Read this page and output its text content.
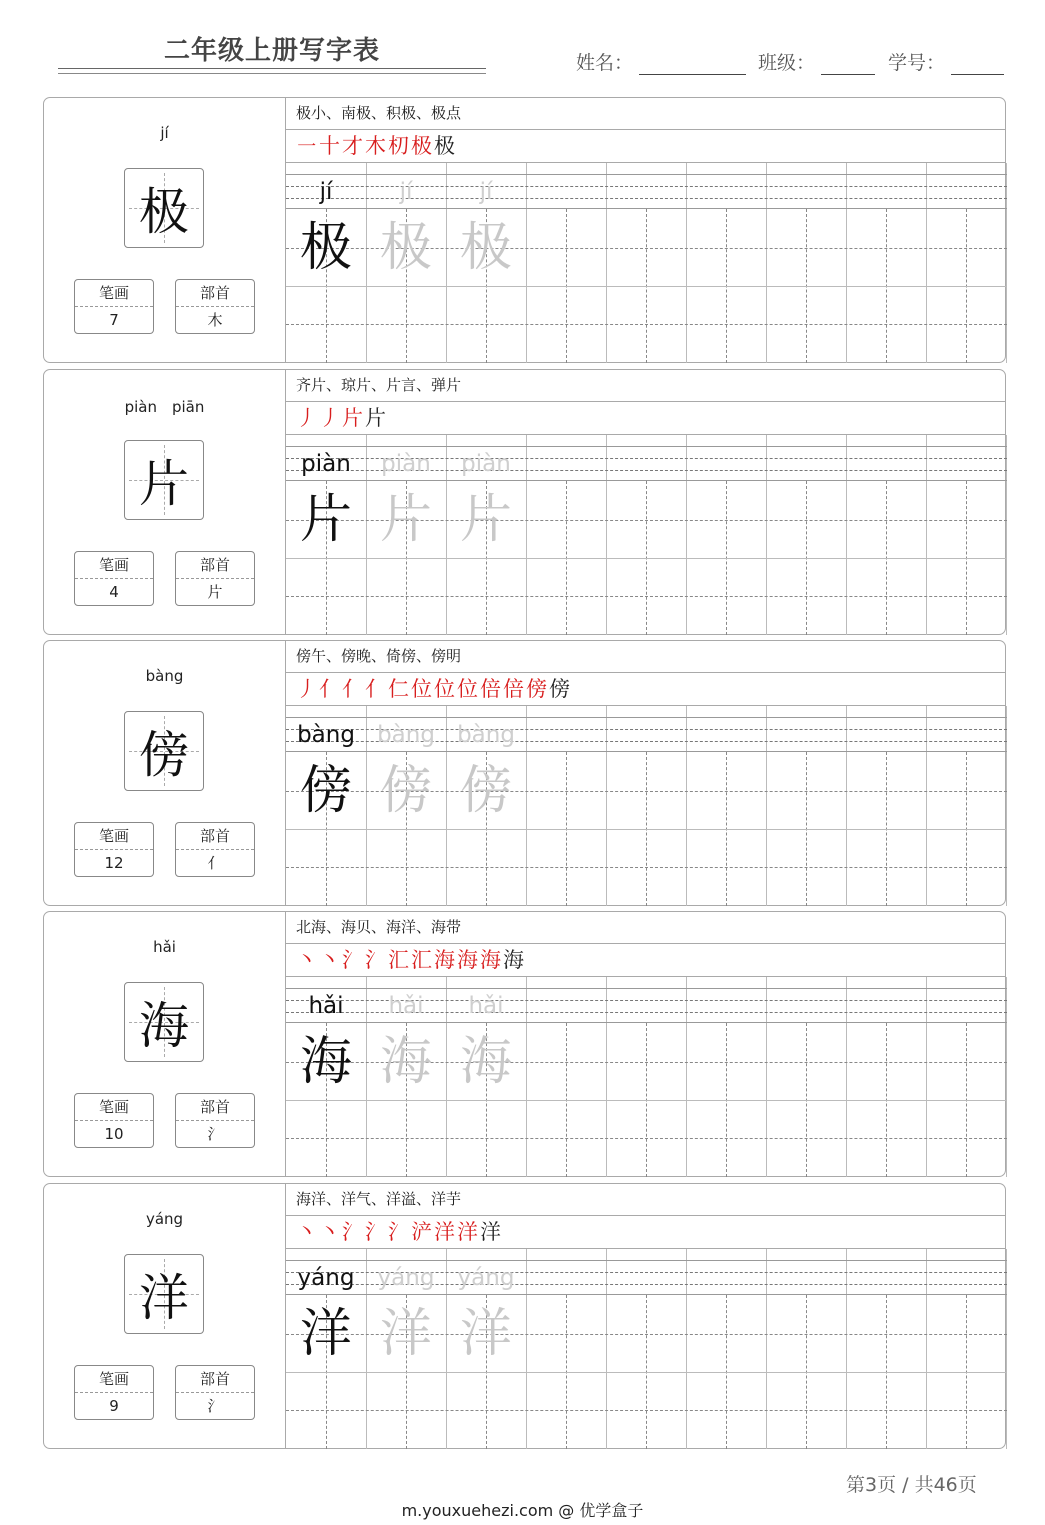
二年级上册写字表	姓名：	班级：	学号：
jí
极
笔画
7
部首
木
极小、南极、积极、极点
㇐十才木朷极极
jí	jí	jí
极 极 极
piàn　piān
片
笔画
4
部首
片
齐片、琼片、片言、弹片
丿丿片片
piàn	piàn	piàn
片 片 片
bàng
傍
笔画
12
部首
亻
傍午、傍晚、倚傍、傍明
丿亻亻亻仁位位位倍倍傍傍
bàng bàng bàng
傍 傍 傍
hǎi
海
笔画
10
部首
氵
北海、海贝、海洋、海带
丶丶氵氵汇汇海海海海
hǎi	hǎi	hǎi
海 海 海
yáng
洋
笔画
9
部首
氵
海洋、洋气、洋溢、洋芋
丶丶氵氵氵浐洋洋洋
yáng	yáng	yáng
洋 洋 洋
第3页 / 共46页
m.youxuehezi.com @ 优学盒子
